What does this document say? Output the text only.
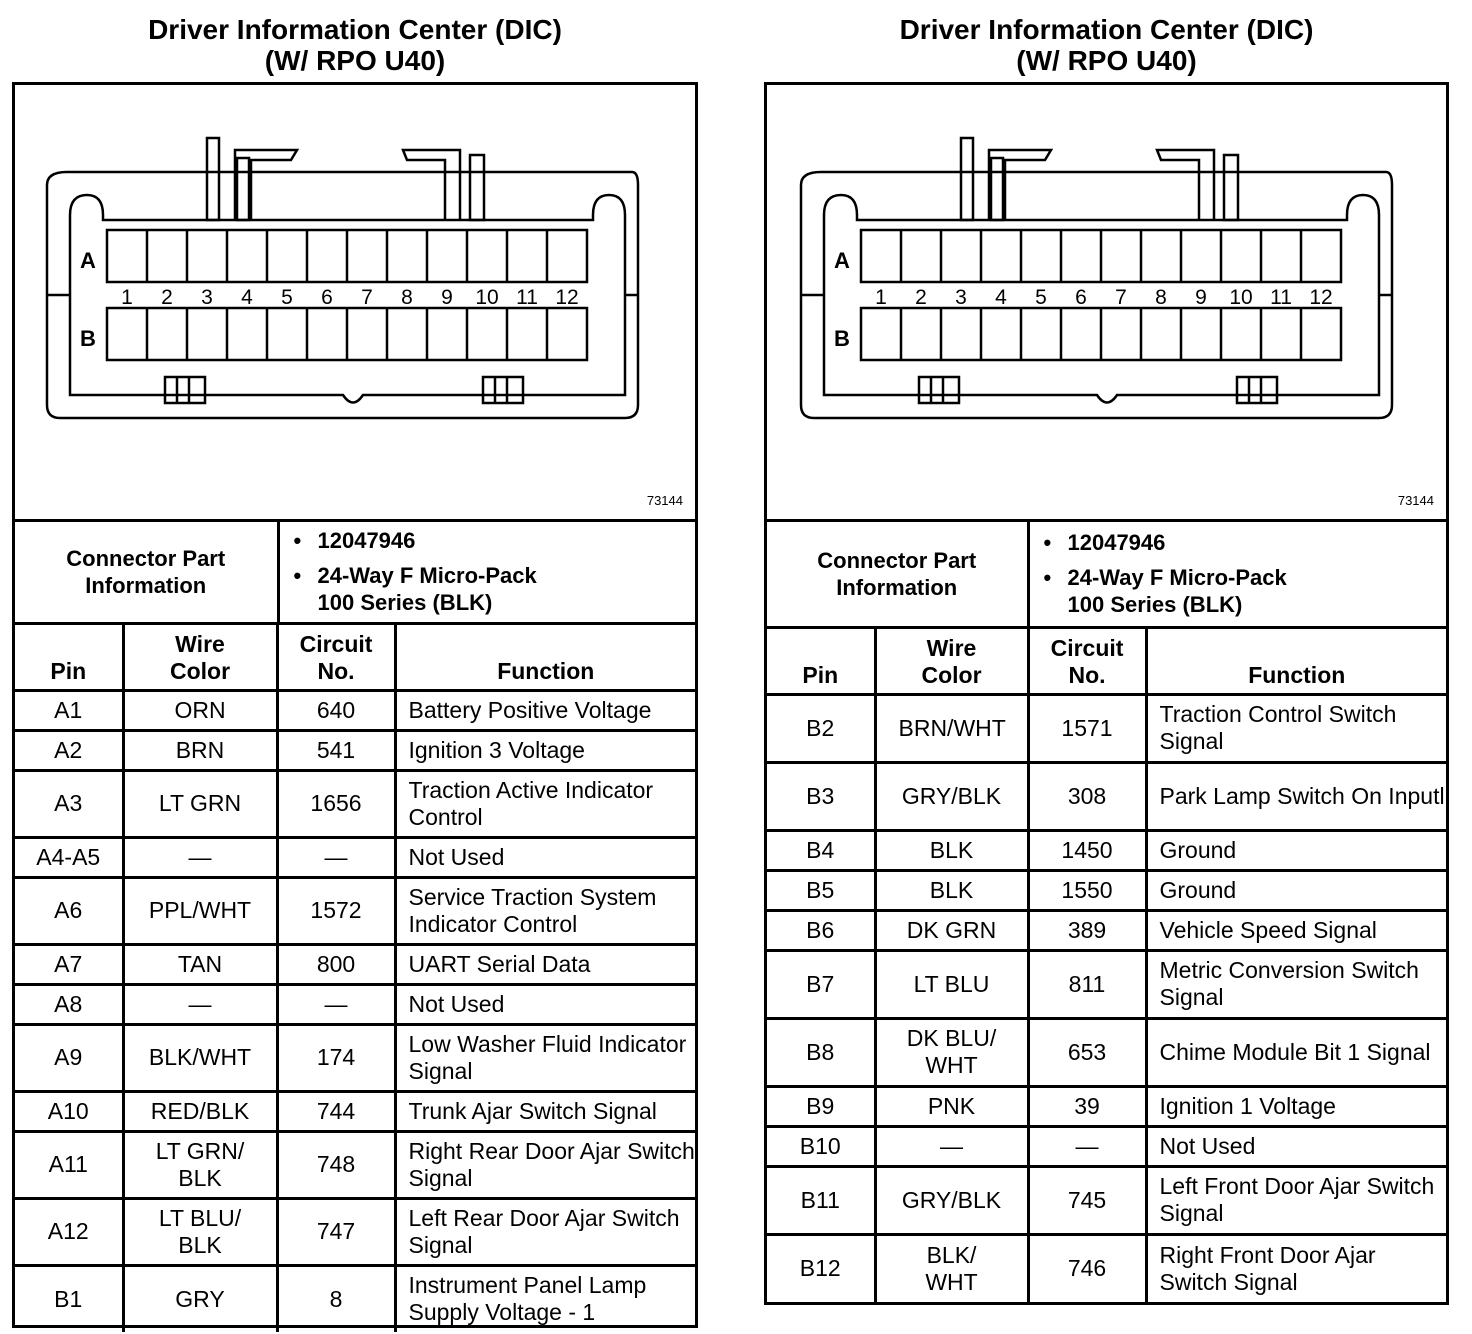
Driver Information Center (DIC)
(W/ RPO U40)
A
B
1 2 3 4 5 6 7 8 9 10 11 12
73144
Connector Part Information	
• 12047946
• 24-Way F Micro-Pack
100 Series (BLK)
Pin	Wire Color	Circuit No.	Function
A1	ORN	640	Battery Positive Voltage
A2	BRN	541	Ignition 3 Voltage
A3	LT GRN	1656	Traction Active Indicator Control
A4-A5	—	—	Not Used
A6	PPL/WHT	1572	Service Traction System Indicator Control
A7	TAN	800	UART Serial Data
A8	—	—	Not Used
A9	BLK/WHT	174	Low Washer Fluid Indicator Signal
A10	RED/BLK	744	Trunk Ajar Switch Signal
A11	LT GRN/ BLK	748	Right Rear Door Ajar Switch Signal
A12	LT BLU/ BLK	747	Left Rear Door Ajar Switch Signal
B1	GRY	8	Instrument Panel Lamp Supply Voltage - 1
Driver Information Center (DIC)
(W/ RPO U40)
A
B
1 2 3 4 5 6 7 8 9 10 11 12
73144
Connector Part Information	
• 12047946
• 24-Way F Micro-Pack
100 Series (BLK)
Pin	Wire Color	Circuit No.	Function
B2	BRN/WHT	1571	Traction Control Switch Signal
B3	GRY/BLK	308	Park Lamp Switch On Inputl
B4	BLK	1450	Ground
B5	BLK	1550	Ground
B6	DK GRN	389	Vehicle Speed Signal
B7	LT BLU	811	Metric Conversion Switch Signal
B8	DK BLU/ WHT	653	Chime Module Bit 1 Signal
B9	PNK	39	Ignition 1 Voltage
B10	—	—	Not Used
B11	GRY/BLK	745	Left Front Door Ajar Switch Signal
B12	BLK/ WHT	746	Right Front Door Ajar Switch Signal
